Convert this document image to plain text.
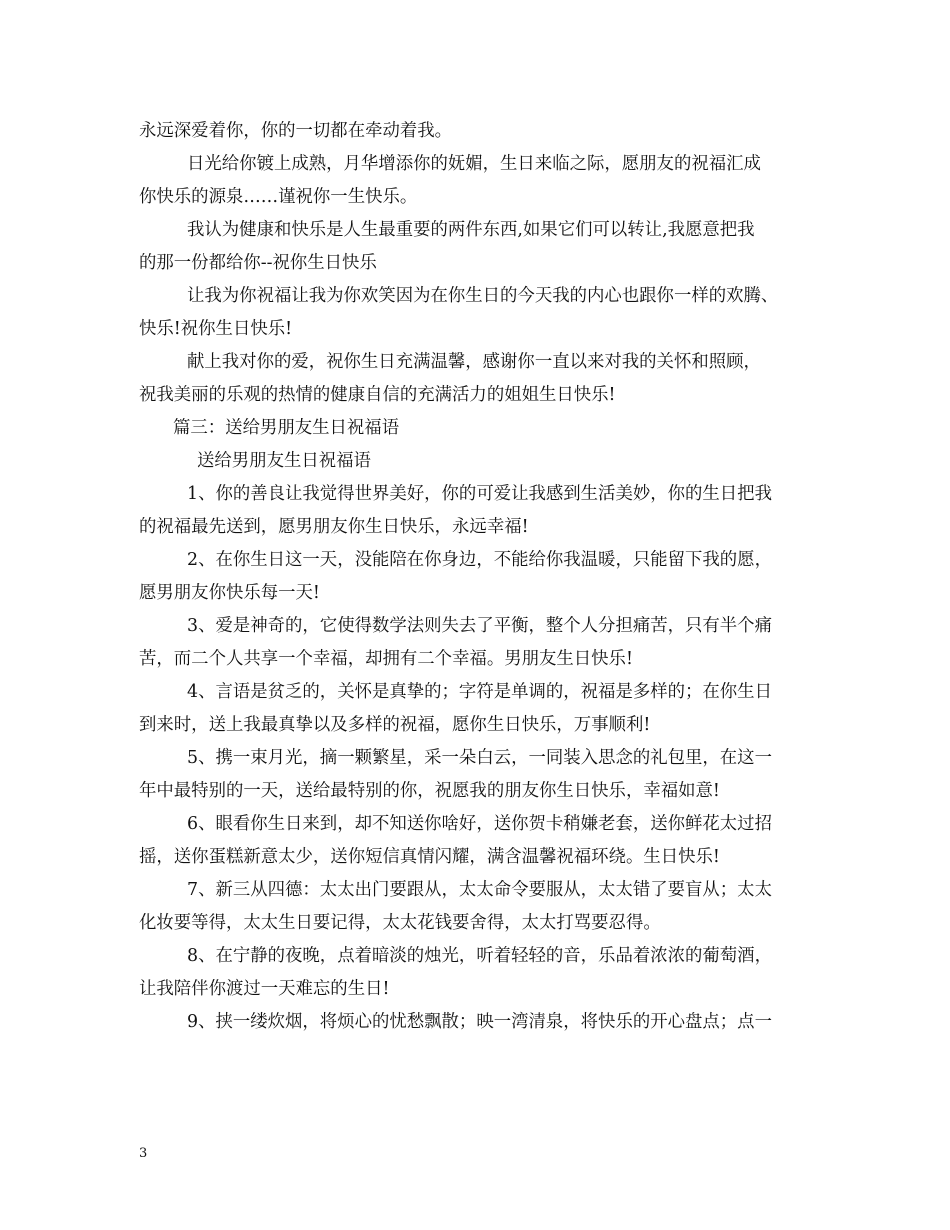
永远深爱着你，你的一切都在牵动着我。
日光给你镀上成熟，月华增添你的妩媚，生日来临之际，愿朋友的祝福汇成
你快乐的源泉……谨祝你一生快乐。
我认为健康和快乐是人生最重要的两件东西,如果它们可以转让,我愿意把我
的那一份都给你--祝你生日快乐
让我为你祝福让我为你欢笑因为在你生日的今天我的内心也跟你一样的欢腾、
快乐!祝你生日快乐!
献上我对你的爱，祝你生日充满温馨，感谢你一直以来对我的关怀和照顾，
祝我美丽的乐观的热情的健康自信的充满活力的姐姐生日快乐!
篇三：送给男朋友生日祝福语
送给男朋友生日祝福语
1、你的善良让我觉得世界美好，你的可爱让我感到生活美妙，你的生日把我
的祝福最先送到，愿男朋友你生日快乐，永远幸福!
2、在你生日这一天，没能陪在你身边，不能给你我温暖，只能留下我的愿，
愿男朋友你快乐每一天!
3、爱是神奇的，它使得数学法则失去了平衡，整个人分担痛苦，只有半个痛
苦，而二个人共享一个幸福，却拥有二个幸福。男朋友生日快乐!
4、言语是贫乏的，关怀是真挚的；字符是单调的，祝福是多样的；在你生日
到来时，送上我最真挚以及多样的祝福，愿你生日快乐，万事顺利!
5、携一束月光，摘一颗繁星，采一朵白云，一同装入思念的礼包里，在这一
年中最特别的一天，送给最特别的你，祝愿我的朋友你生日快乐，幸福如意!
6、眼看你生日来到，却不知送你啥好，送你贺卡稍嫌老套，送你鲜花太过招
摇，送你蛋糕新意太少，送你短信真情闪耀，满含温馨祝福环绕。生日快乐!
7、新三从四德：太太出门要跟从，太太命令要服从，太太错了要盲从；太太
化妆要等得，太太生日要记得，太太花钱要舍得，太太打骂要忍得。
8、在宁静的夜晚，点着暗淡的烛光，听着轻轻的音，乐品着浓浓的葡萄酒，
让我陪伴你渡过一天难忘的生日!
9、挟一缕炊烟，将烦心的忧愁飘散；映一湾清泉，将快乐的开心盘点；点一
3
